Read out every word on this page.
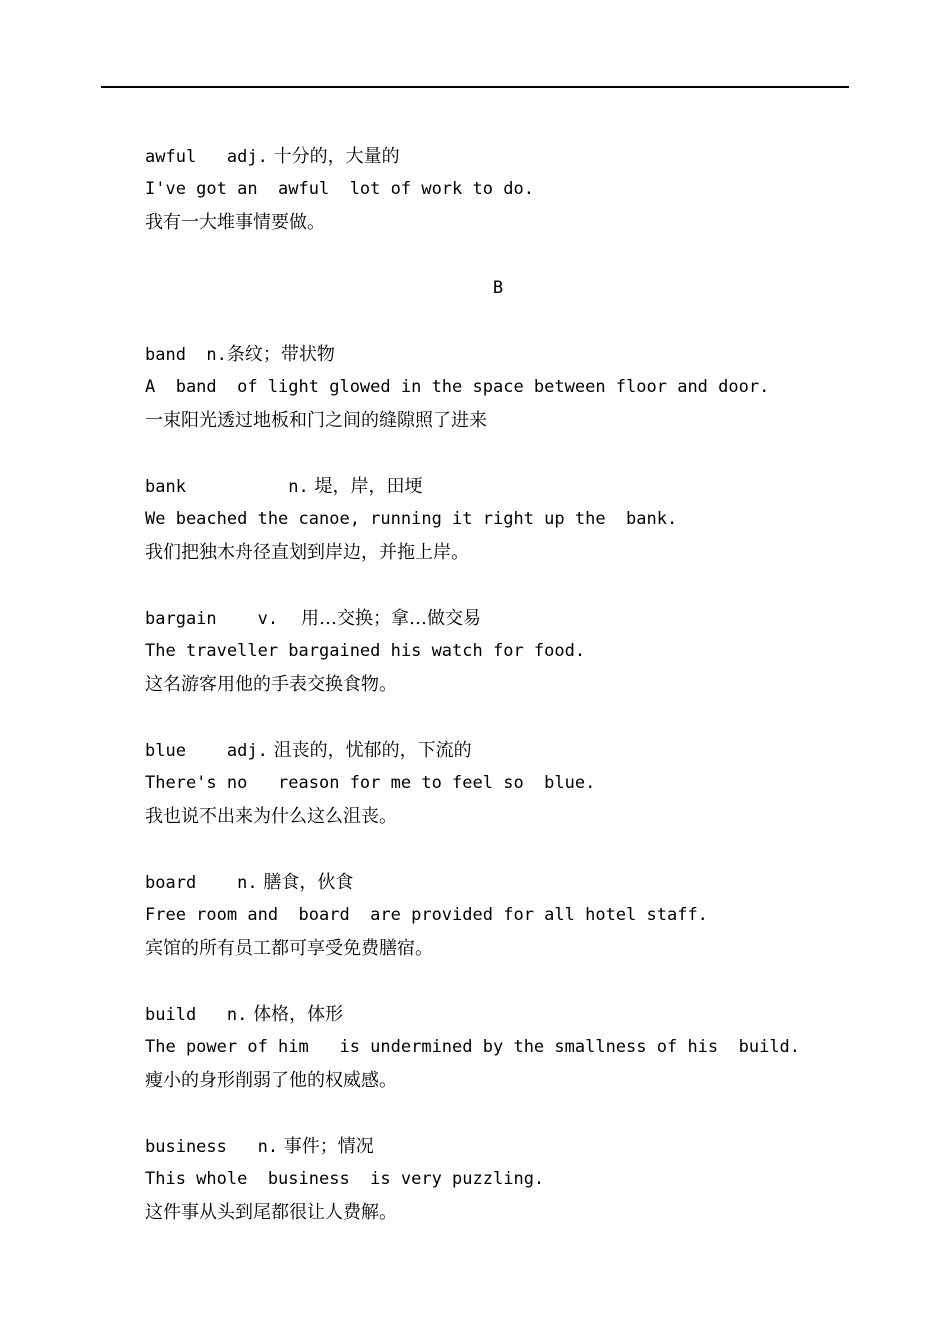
awful   adj. 十分的，大量的
I've got an  awful  lot of work to do.
我有一大堆事情要做。
B
band  n.条纹；带状物
A  band  of light glowed in the space between floor and door.
一束阳光透过地板和门之间的缝隙照了进来
bank          n. 堤，岸，田埂
We beached the canoe, running it right up the  bank.
我们把独木舟径直划到岸边，并拖上岸。
bargain    v.    用…交换；拿…做交易
The traveller bargained his watch for food.
这名游客用他的手表交换食物。
blue    adj. 沮丧的，忧郁的，下流的
There's no   reason for me to feel so  blue.
我也说不出来为什么这么沮丧。
board    n. 膳食，伙食
Free room and  board  are provided for all hotel staff.
宾馆的所有员工都可享受免费膳宿。
build   n. 体格，体形
The power of him   is undermined by the smallness of his  build.
瘦小的身形削弱了他的权威感。
business   n. 事件；情况
This whole  business  is very puzzling.
这件事从头到尾都很让人费解。
